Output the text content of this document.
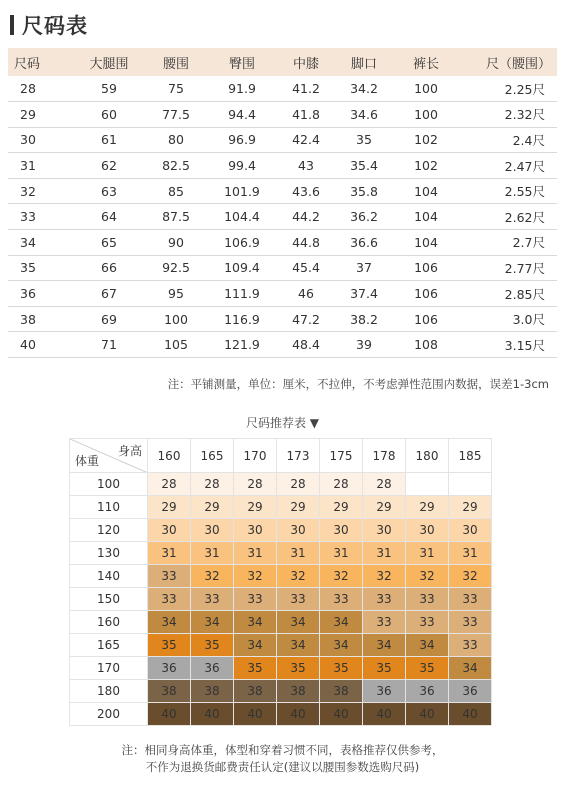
尺码表
尺码	大腿围	腰围	臀围	中膝	脚口	裤长	尺（腰围）
28	59	75	91.9	41.2	34.2	100	2.25尺
29	60	77.5	94.4	41.8	34.6	100	2.32尺
30	61	80	96.9	42.4	35	102	2.4尺
31	62	82.5	99.4	43	35.4	102	2.47尺
32	63	85	101.9	43.6	35.8	104	2.55尺
33	64	87.5	104.4	44.2	36.2	104	2.62尺
34	65	90	106.9	44.8	36.6	104	2.7尺
35	66	92.5	109.4	45.4	37	106	2.77尺
36	67	95	111.9	46	37.4	106	2.85尺
38	69	100	116.9	47.2	38.2	106	3.0尺
40	71	105	121.9	48.4	39	108	3.15尺
注：平铺测量，单位：厘米，不拉伸，不考虑弹性范围内数据，误差1-3cm
尺码推荐表 ▼
身高
体重	160	165	170	173	175	178	180	185
100	28	28	28	28	28	28		
110	29	29	29	29	29	29	29	29
120	30	30	30	30	30	30	30	30
130	31	31	31	31	31	31	31	31
140	33	32	32	32	32	32	32	32
150	33	33	33	33	33	33	33	33
160	34	34	34	34	34	33	33	33
165	35	35	34	34	34	34	34	33
170	36	36	35	35	35	35	35	34
180	38	38	38	38	38	36	36	36
200	40	40	40	40	40	40	40	40
注：相同身高体重，体型和穿着习惯不同，表格推荐仅供参考，
不作为退换货邮费责任认定(建议以腰围参数选购尺码)
